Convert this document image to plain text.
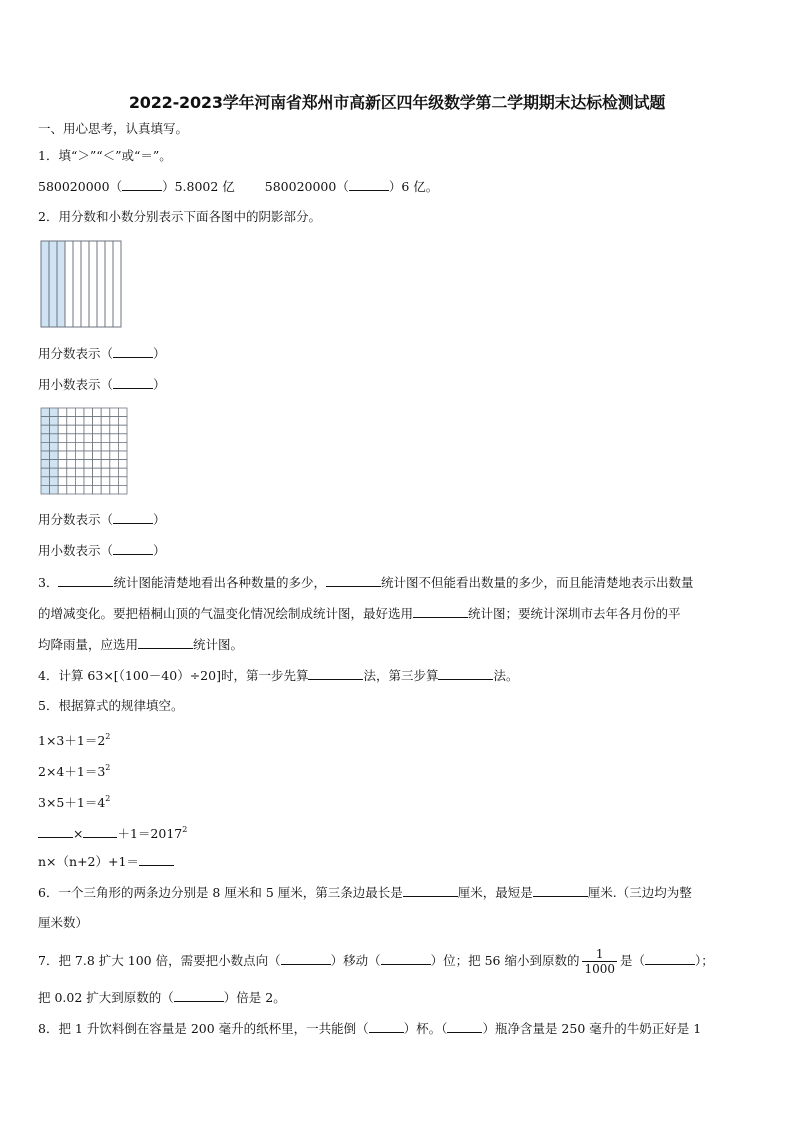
2022-2023学年河南省郑州市高新区四年级数学第二学期期末达标检测试题
一、用心思考，认真填写。
1．填“＞”“＜”或“＝”。
580020000（	）5.8002 亿 580020000（	）6 亿。
2．用分数和小数分别表示下面各图中的阴影部分。
用分数表示（	）
用小数表示（	）
用分数表示（	）
用小数表示（	）
3．	统计图能清楚地看出各种数量的多少，	统计图不但能看出数量的多少，而且能清楚地表示出数量
的增减变化。要把梧桐山顶的气温变化情况绘制成统计图，最好选用	统计图；要统计深圳市去年各月份的平
均降雨量，应选用	统计图。
4．计算 63×[（100－40）÷20]时，第一步先算	法，第三步算	法。
5．根据算式的规律填空。
$1\times 3+1=2^2$
$2\times 4+1=3^2$
$3\times 5+1=4^2$
×	$+1=2017^2$
n×（n+2）+1＝
6．一个三角形的两条边分别是 8 厘米和 5 厘米，第三条边最长是	厘米，最短是	厘米.（三边均为整
厘米数）
7．把 7.8 扩大 100 倍，需要把小数点向（	）移动（	）位；把 56 缩小到原数的 $\frac{1}{1000}$ 是（	）；
把 0.02 扩大到原数的（	）倍是 2。
8．把 1 升饮料倒在容量是 200 毫升的纸杯里，一共能倒（	）杯。（	）瓶净含量是 250 毫升的牛奶正好是 1
